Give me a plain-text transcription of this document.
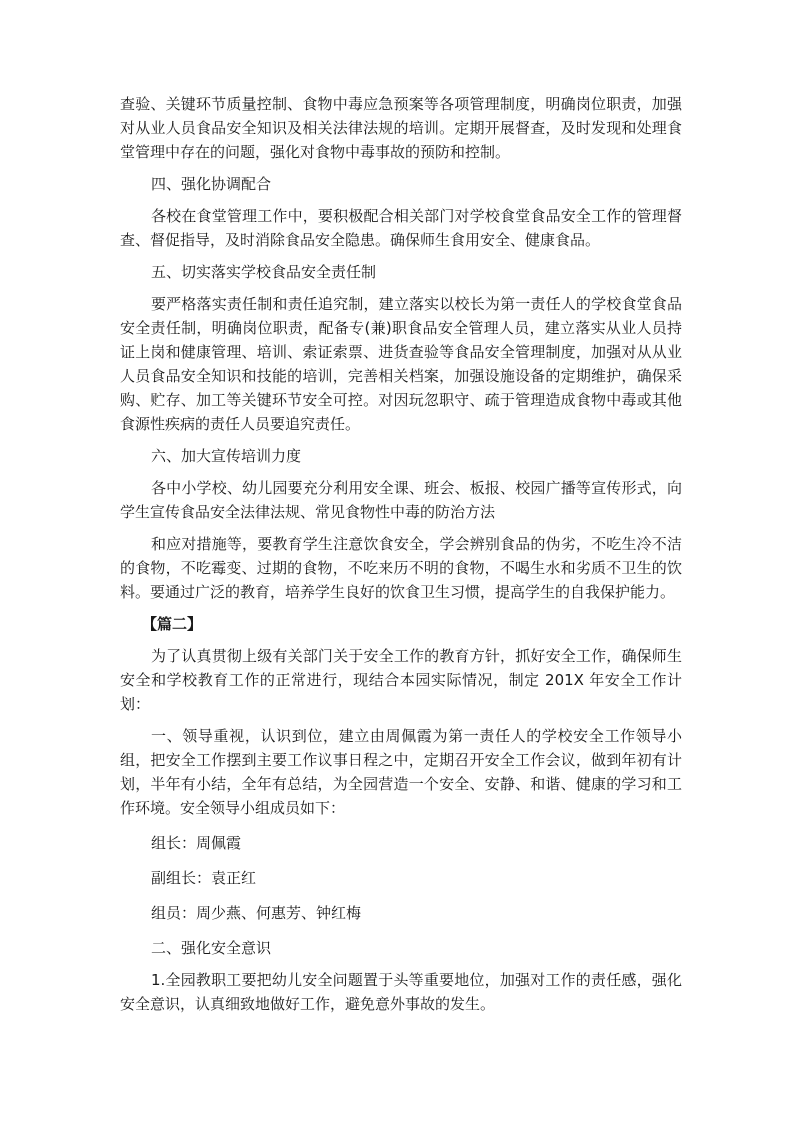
查验、关键环节质量控制、食物中毒应急预案等各项管理制度，明确岗位职责，加强对从业人员食品安全知识及相关法律法规的培训。定期开展督查，及时发现和处理食堂管理中存在的问题，强化对食物中毒事故的预防和控制。

四、强化协调配合

各校在食堂管理工作中，要积极配合相关部门对学校食堂食品安全工作的管理督查、督促指导，及时消除食品安全隐患。确保师生食用安全、健康食品。

五、切实落实学校食品安全责任制

要严格落实责任制和责任追究制，建立落实以校长为第一责任人的学校食堂食品安全责任制，明确岗位职责，配备专(兼)职食品安全管理人员，建立落实从业人员持证上岗和健康管理、培训、索证索票、进货查验等食品安全管理制度，加强对从从业人员食品安全知识和技能的培训，完善相关档案，加强设施设备的定期维护，确保采购、贮存、加工等关键环节安全可控。对因玩忽职守、疏于管理造成食物中毒或其他食源性疾病的责任人员要追究责任。

六、加大宣传培训力度

各中小学校、幼儿园要充分利用安全课、班会、板报、校园广播等宣传形式，向学生宣传食品安全法律法规、常见食物性中毒的防治方法

和应对措施等，要教育学生注意饮食安全，学会辨别食品的伪劣，不吃生冷不洁的食物，不吃霉变、过期的食物，不吃来历不明的食物，不喝生水和劣质不卫生的饮料。要通过广泛的教育，培养学生良好的饮食卫生习惯，提高学生的自我保护能力。

【篇二】

为了认真贯彻上级有关部门关于安全工作的教育方针，抓好安全工作，确保师生安全和学校教育工作的正常进行，现结合本园实际情况，制定 201X 年安全工作计划：

一、领导重视，认识到位，建立由周佩霞为第一责任人的学校安全工作领导小组，把安全工作摆到主要工作议事日程之中，定期召开安全工作会议，做到年初有计划，半年有小结，全年有总结，为全园营造一个安全、安静、和谐、健康的学习和工作环境。安全领导小组成员如下：

组长：周佩霞

副组长：袁正红

组员：周少燕、何惠芳、钟红梅

二、强化安全意识

1.全园教职工要把幼儿安全问题置于头等重要地位，加强对工作的责任感，强化安全意识，认真细致地做好工作，避免意外事故的发生。
